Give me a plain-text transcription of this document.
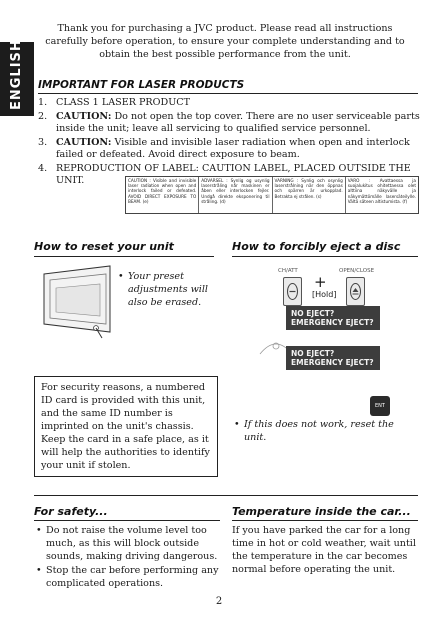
ENGLISH
Thank you for purchasing a JVC product. Please read all instructions carefully before operation, to ensure your complete understanding and to obtain the best possible performance from the unit.
IMPORTANT FOR LASER PRODUCTS
1. CLASS 1 LASER PRODUCT
2. CAUTION: Do not open the top cover. There are no user serviceable parts inside the unit; leave all servicing to qualified service personnel.
3. CAUTION: Visible and invisible laser radiation when open and interlock failed or defeated. Avoid direct exposure to beam.
4. REPRODUCTION OF LABEL: CAUTION LABEL, PLACED OUTSIDE THE UNIT.	CAUTION : Visible and invisible laser radiation when open and interlock failed or defeated. AVOID DIRECT EXPOSURE TO BEAM. (e)
ADVARSEL : Synlig og usynlig laserstråling når maskinen er åben eller interlocken fejler. Undgå direkte eksponering til stråling. (d)
VARNING : Synlig och osynlig laserstrålning när den öppnas och spärren är urkopplad. Betrakta ej strålen. (s)
VARO : Avattaessa ja suojalukitus ohitettaessa olet alttiina näkyvälle ja näkymättömälle lasersäteilylle. Vältä säteen altistumista. (f)
How to reset your unit
• Your preset adjustments will also be erased.
For security reasons, a numbered ID card is provided with this unit, and the same ID number is imprinted on the unit's chassis. Keep the card in a safe place, as it will help the authorities to identify your unit if stolen.
How to forcibly eject a disc
CH/ATT
+
[Hold]
OPEN/CLOSE
NO EJECT?
EMERGENCY EJECT?
NO EJECT?
EMERGENCY EJECT?
ENT
• If this does not work, reset the unit.
For safety...
• Do not raise the volume level too much, as this will block outside sounds, making driving dangerous.
• Stop the car before performing any complicated operations.
Temperature inside the car...
If you have parked the car for a long time in hot or cold weather, wait until the temperature in the car becomes normal before operating the unit.
2
